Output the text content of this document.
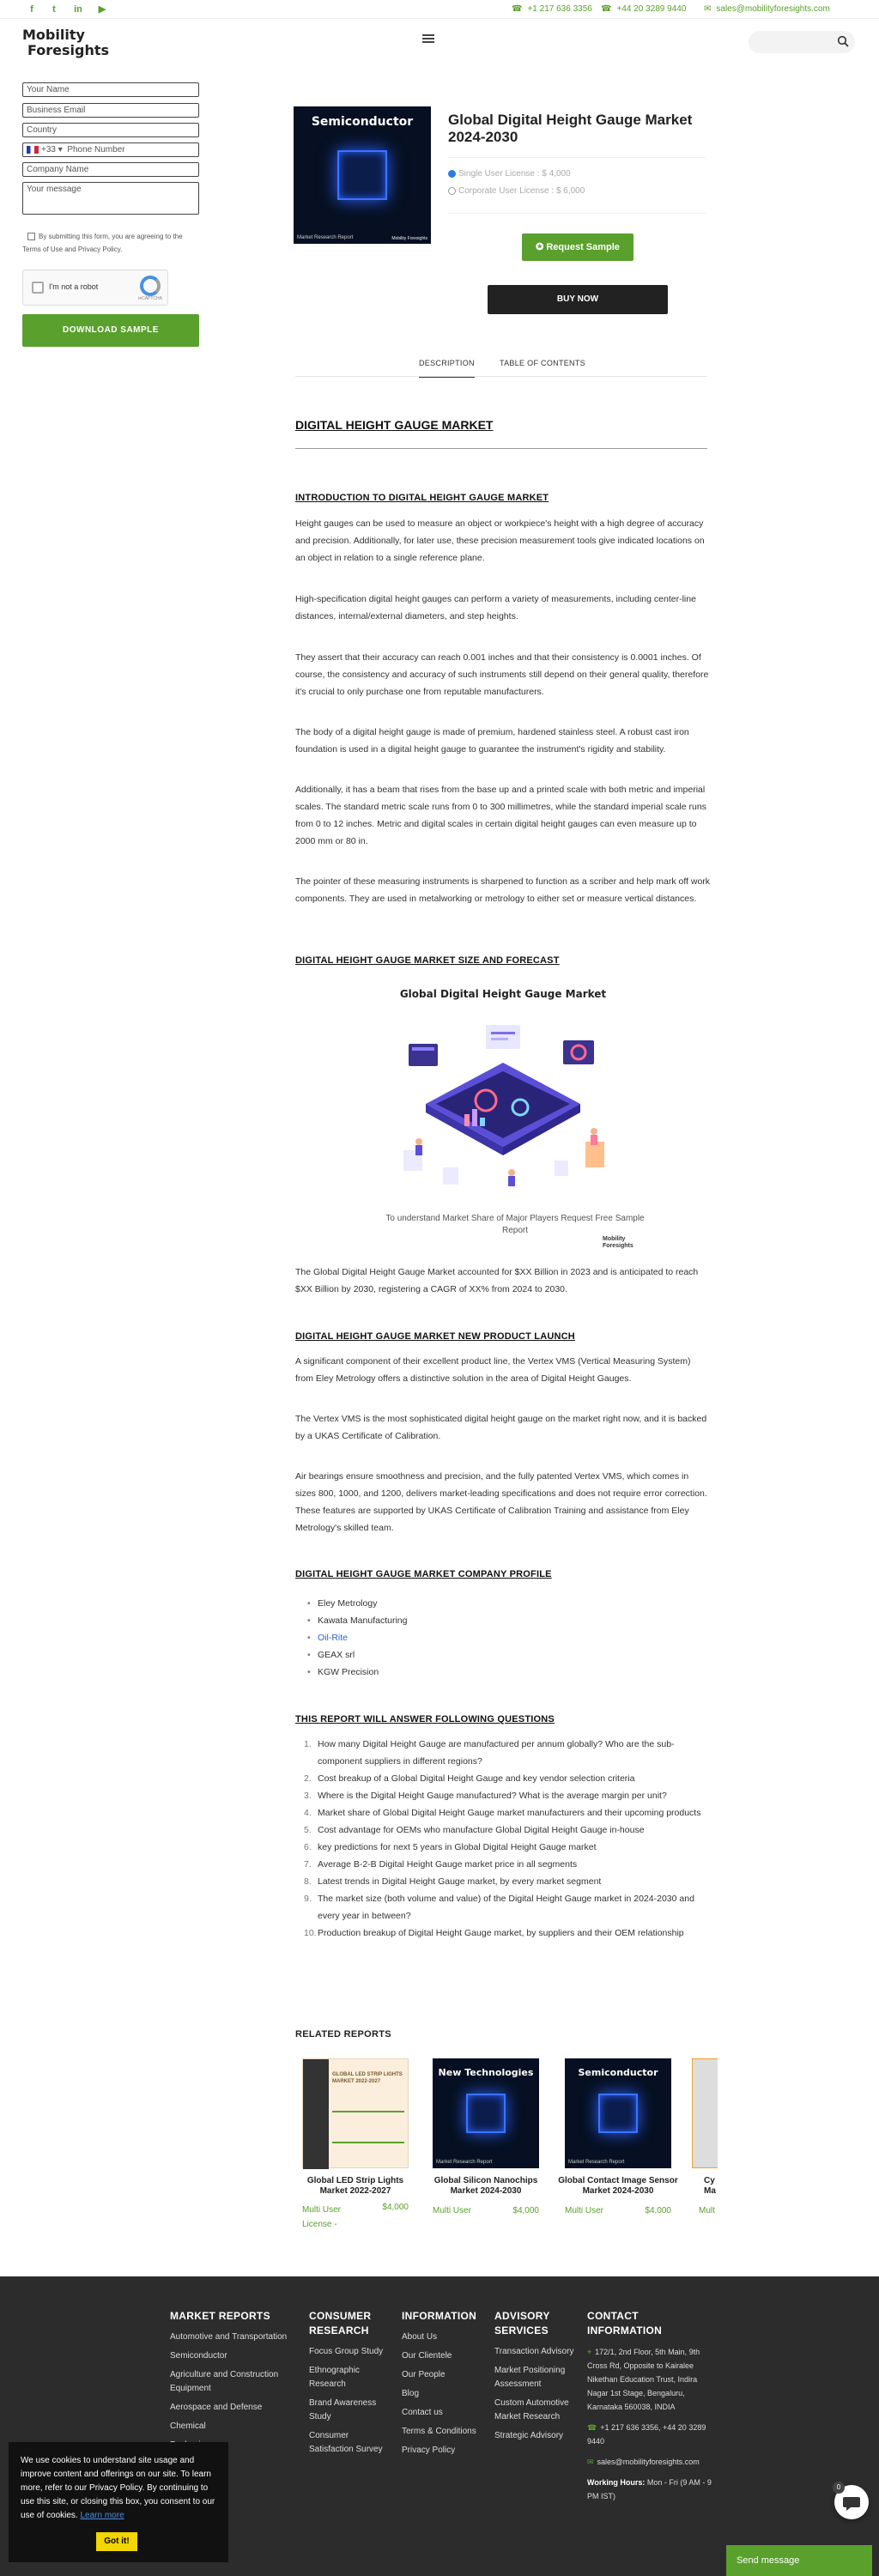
f	t	in ▶	☎ +1 217 636 3356 ☎ +44 20 3289 9440 ✉ sales@mobilityforesights.com
Mobility
Foresights
Your Name
Business Email
Country
+33 ▾  Phone Number
Company Name
Your message
By submitting this form, you are agreeing to the Terms of Use and Privacy Policy.
I'm not a robot
reCAPTCHA
DOWNLOAD SAMPLE
Semiconductor
Market Research Report	Mobility Foresights
Global Digital Height Gauge Market 2024-2030
Single User License : $ 4,000
Corporate User License : $ 6,000
✪ Request Sample
BUY NOW
DESCRIPTION	TABLE OF CONTENTS
DIGITAL HEIGHT GAUGE MARKET
INTRODUCTION TO DIGITAL HEIGHT GAUGE MARKET
Height gauges can be used to measure an object or workpiece's height with a high degree of accuracy and precision. Additionally, for later use, these precision measurement tools give indicated locations on an object in relation to a single reference plane.
High-specification digital height gauges can perform a variety of measurements, including center-line distances, internal/external diameters, and step heights.
They assert that their accuracy can reach 0.001 inches and that their consistency is 0.0001 inches. Of course, the consistency and accuracy of such instruments still depend on their general quality, therefore it's crucial to only purchase one from reputable manufacturers.
The body of a digital height gauge is made of premium, hardened stainless steel. A robust cast iron foundation is used in a digital height gauge to guarantee the instrument's rigidity and stability.
Additionally, it has a beam that rises from the base up and a printed scale with both metric and imperial scales. The standard metric scale runs from 0 to 300 millimetres, while the standard imperial scale runs from 0 to 12 inches. Metric and digital scales in certain digital height gauges can even measure up to 2000 mm or 80 in.
The pointer of these measuring instruments is sharpened to function as a scriber and help mark off work components. They are used in metalworking or metrology to either set or measure vertical distances.
DIGITAL HEIGHT GAUGE MARKET SIZE AND FORECAST
Global Digital Height Gauge Market
To understand Market Share of Major Players Request Free Sample Report
Mobility
Foresights
The Global Digital Height Gauge Market accounted for $XX Billion in 2023 and is anticipated to reach $XX Billion by 2030, registering a CAGR of XX% from 2024 to 2030.
DIGITAL HEIGHT GAUGE MARKET NEW PRODUCT LAUNCH
A significant component of their excellent product line, the Vertex VMS (Vertical Measuring System) from Eley Metrology offers a distinctive solution in the area of Digital Height Gauges.
The Vertex VMS is the most sophisticated digital height gauge on the market right now, and it is backed by a UKAS Certificate of Calibration.
Air bearings ensure smoothness and precision, and the fully patented Vertex VMS, which comes in sizes 800, 1000, and 1200, delivers market-leading specifications and does not require error correction. These features are supported by UKAS Certificate of Calibration Training and assistance from Eley Metrology's skilled team.
DIGITAL HEIGHT GAUGE MARKET COMPANY PROFILE
• Eley Metrology
• Kawata Manufacturing
• Oil-Rite
• GEAX srl
• KGW Precision
THIS REPORT WILL ANSWER FOLLOWING QUESTIONS
1. How many Digital Height Gauge are manufactured per annum globally? Who are the sub-component suppliers in different regions?
2. Cost breakup of a Global Digital Height Gauge and key vendor selection criteria
3. Where is the Digital Height Gauge manufactured? What is the average margin per unit?
4. Market share of Global Digital Height Gauge market manufacturers and their upcoming products
5. Cost advantage for OEMs who manufacture Global Digital Height Gauge in-house
6. key predictions for next 5 years in Global Digital Height Gauge market
7. Average B-2-B Digital Height Gauge market price in all segments
8. Latest trends in Digital Height Gauge market, by every market segment
9. The market size (both volume and value) of the Digital Height Gauge market in 2024-2030 and every year in between?
10. Production breakup of Digital Height Gauge market, by suppliers and their OEM relationship
RELATED REPORTS
GLOBAL LED STRIP LIGHTS MARKET 2022-2027
Global LED Strip Lights Market 2022-2027
Multi User License -
$4,000
New Technologies
Market Research Report
Global Silicon Nanochips Market 2024-2030
Multi User	$4,000
Semiconductor
Market Research Report
Global Contact Image Sensor Market 2024-2030
Multi User	$4,000
Cy Ma
Mult
MARKET REPORTS
Automotive and Transportation
Semiconductor
Agriculture and Construction Equipment
Aerospace and Defense
Chemical
CONSUMER RESEARCH
Focus Group Study
Ethnographic Research
Brand Awareness Study
Consumer Satisfaction Survey
INFORMATION
About Us
Our Clientele
Our People
Blog
Contact us
Terms & Conditions
Privacy Policy
ADVISORY SERVICES
Transaction Advisory
Market Positioning Assessment
Custom Automotive Market Research
Strategic Advisory
CONTACT INFORMATION
⌖ 172/1, 2nd Floor, 5th Main, 9th Cross Rd, Opposite to Kairalee Nikethan Education Trust, Indira Nagar 1st Stage, Bengaluru, Karnataka 560038, INDIA
☎ +1 217 636 3356, +44 20 3289 9440
✉ sales@mobilityforesights.com
Working Hours: Mon - Fri (9 AM - 9 PM IST)
We use cookies to understand site usage and improve content and offerings on our site. To learn more, refer to our Privacy Policy. By continuing to use this site, or closing this box, you consent to our use of cookies. Learn more
Got it!
0
Send message
